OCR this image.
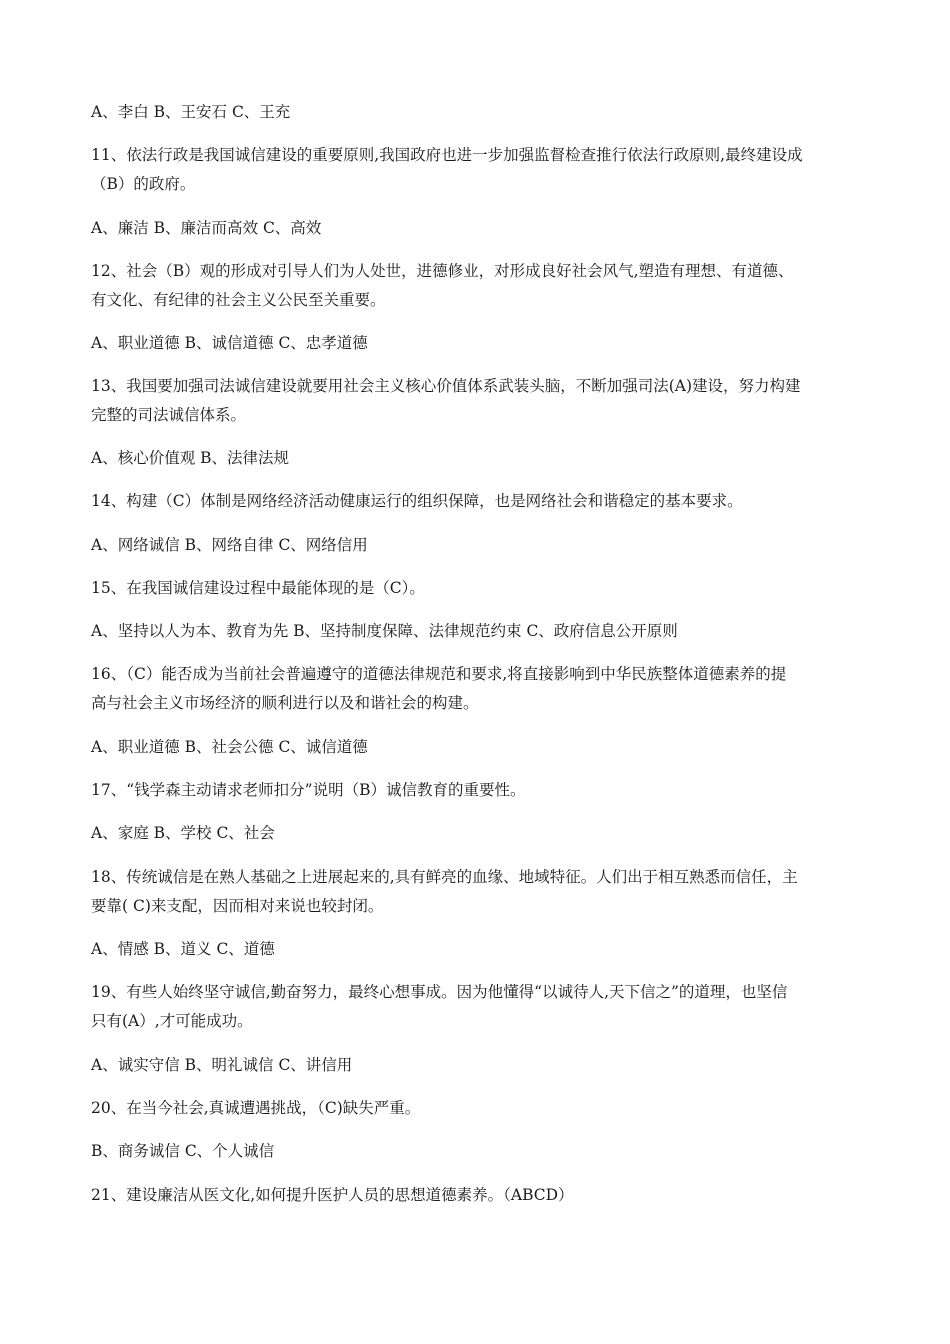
A、李白 B、王安石 C、王充
11、依法行政是我国诚信建设的重要原则,我国政府也进一步加强监督检查推行依法行政原则,最终建设成
（B）的政府。
A、廉洁 B、廉洁而高效 C、高效
12、社会（B）观的形成对引导人们为人处世，进德修业，对形成良好社会风气,塑造有理想、有道德、
有文化、有纪律的社会主义公民至关重要。
A、职业道德 B、诚信道德 C、忠孝道德
13、我国要加强司法诚信建设就要用社会主义核心价值体系武装头脑，不断加强司法(A)建设，努力构建
完整的司法诚信体系。
A、核心价值观 B、法律法规
14、构建（C）体制是网络经济活动健康运行的组织保障，也是网络社会和谐稳定的基本要求。
A、网络诚信 B、网络自律 C、网络信用
15、在我国诚信建设过程中最能体现的是（C）。
A、坚持以人为本、教育为先 B、坚持制度保障、法律规范约束 C、政府信息公开原则
16、（C）能否成为当前社会普遍遵守的道德法律规范和要求,将直接影响到中华民族整体道德素养的提
高与社会主义市场经济的顺利进行以及和谐社会的构建。
A、职业道德 B、社会公德 C、诚信道德
17、“钱学森主动请求老师扣分”说明（B）诚信教育的重要性。
A、家庭 B、学校 C、社会
18、传统诚信是在熟人基础之上进展起来的,具有鲜亮的血缘、地域特征。人们出于相互熟悉而信任，主
要靠( C)来支配，因而相对来说也较封闭。
A、情感 B、道义 C、道德
19、有些人始终坚守诚信,勤奋努力，最终心想事成。因为他懂得“以诚待人,天下信之”的道理，也坚信
只有(A）,才可能成功。
A、诚实守信 B、明礼诚信 C、讲信用
20、在当今社会,真诚遭遇挑战，（C)缺失严重。
B、商务诚信 C、个人诚信
21、建设廉洁从医文化,如何提升医护人员的思想道德素养。（ABCD）
